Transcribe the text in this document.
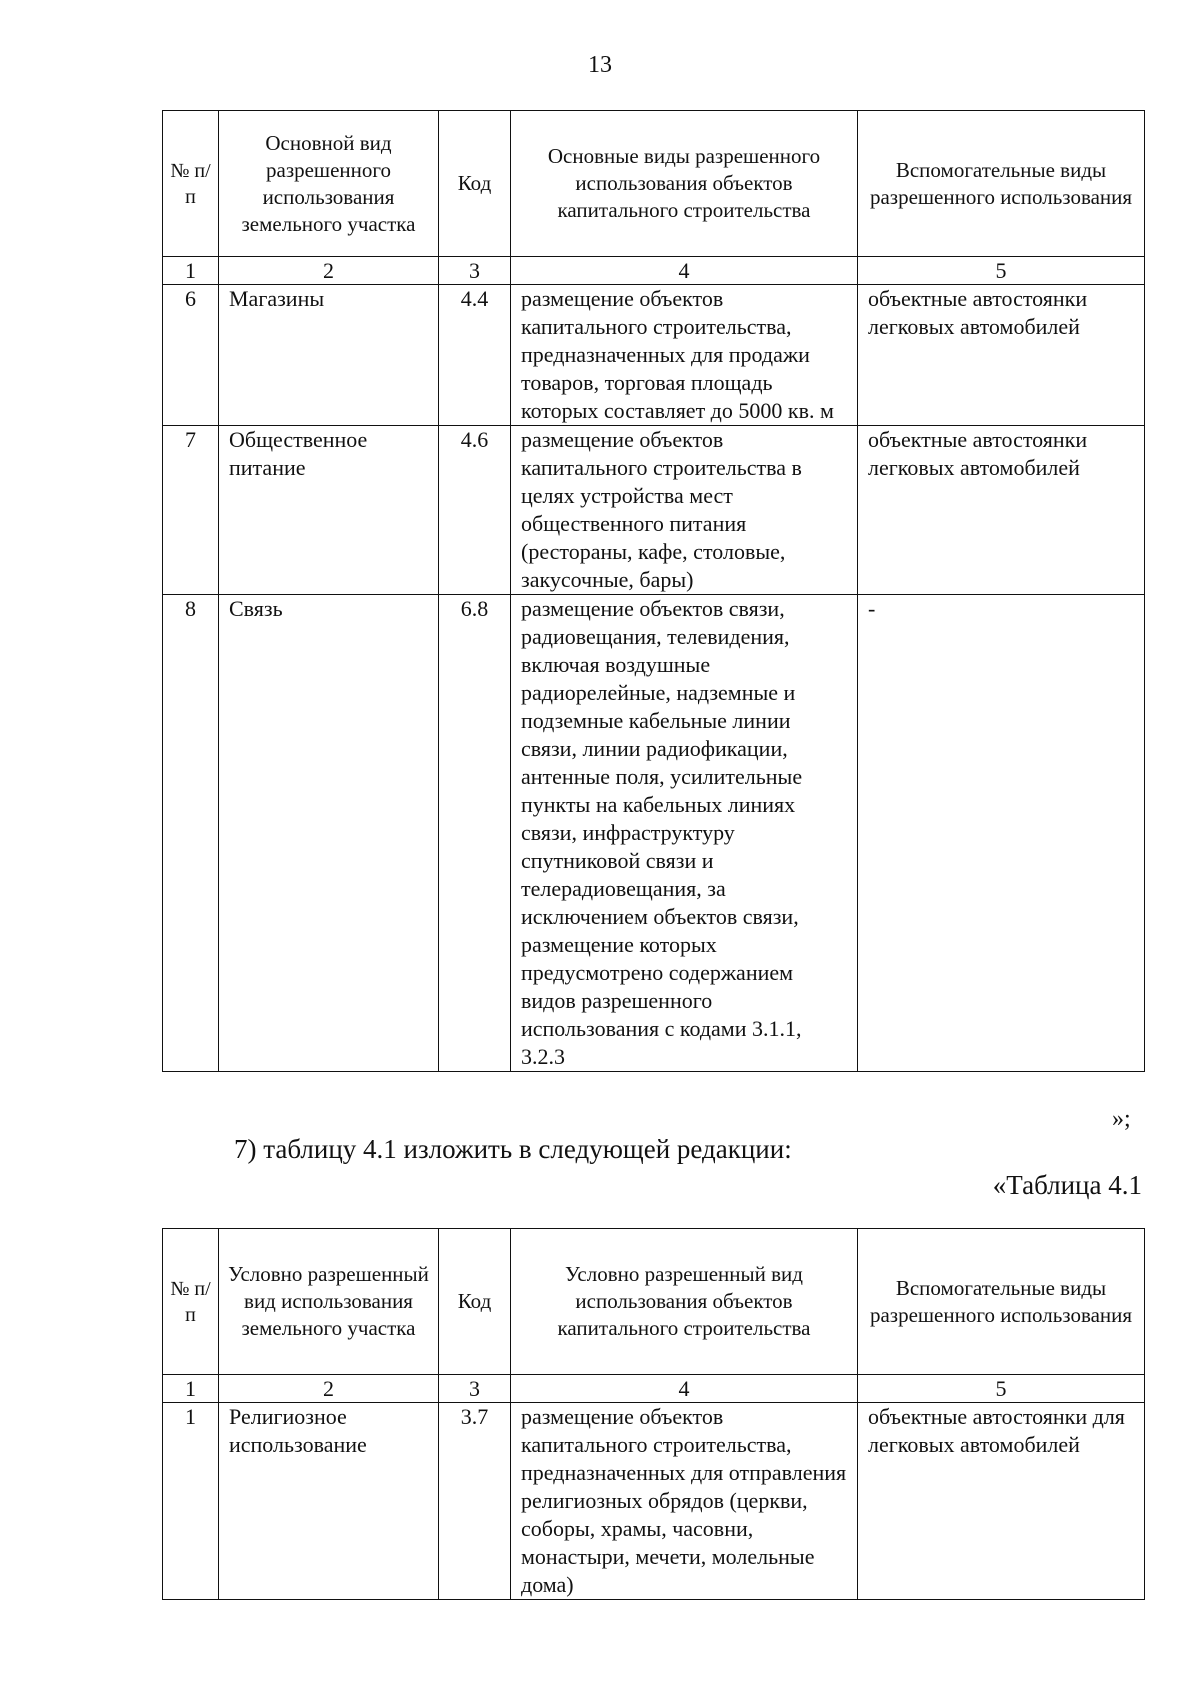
13
№ п/п	Основной вид разрешенного использования земельного участка	Код	Основные виды разрешенного использования объектов капитального строительства	Вспомогательные виды разрешенного использования
1	2	3	4	5
6	Магазины	4.4	размещение объектов капитального строительства, предназначенных для продажи товаров, торговая площадь которых составляет до 5000 кв. м	объектные автостоянки легковых автомобилей
7	Общественное питание	4.6	размещение объектов капитального строительства в целях устройства мест общественного питания (рестораны, кафе, столовые, закусочные, бары)	объектные автостоянки легковых автомобилей
8	Связь	6.8	размещение объектов связи, радиовещания, телевидения, включая воздушные радиорелейные, надземные и подземные кабельные линии связи, линии радиофикации, антенные поля, усилительные пункты на кабельных линиях связи, инфраструктуру спутниковой связи и телерадиовещания, за исключением объектов связи, размещение которых предусмотрено содержанием видов разрешенного использования с кодами 3.1.1, 3.2.3	-
»;
7) таблицу 4.1 изложить в следующей редакции:
«Таблица 4.1
№ п/п	Условно разрешенный вид использования земельного участка	Код	Условно разрешенный вид использования объектов капитального строительства	Вспомогательные виды разрешенного использования
1	2	3	4	5
1	Религиозное использование	3.7	размещение объектов капитального строительства, предназначенных для отправления религиозных обрядов (церкви, соборы, храмы, часовни, монастыри, мечети, молельные дома)	объектные автостоянки для легковых автомобилей
